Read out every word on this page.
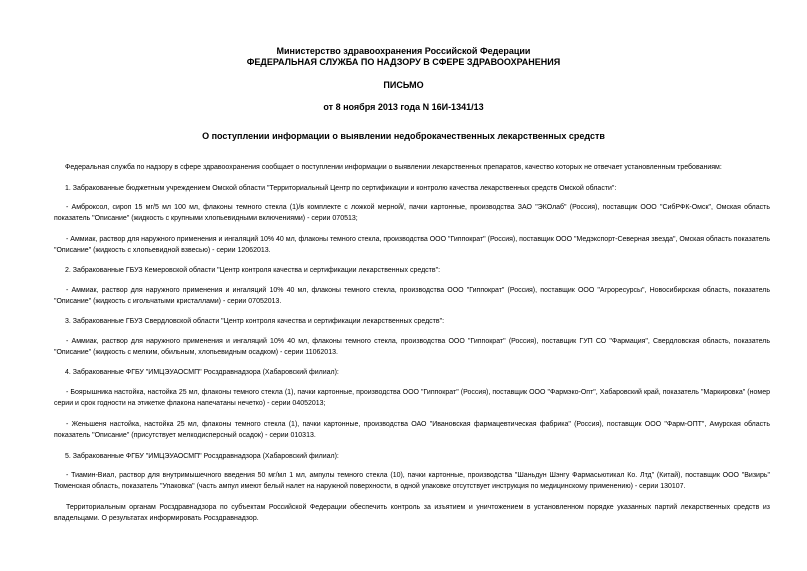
Министерство здравоохранения Российской Федерации
ФЕДЕРАЛЬНАЯ СЛУЖБА ПО НАДЗОРУ В СФЕРЕ ЗДРАВООХРАНЕНИЯ
ПИСЬМО
от 8 ноября 2013 года N 16И-1341/13
О поступлении информации о выявлении недоброкачественных лекарственных средств
Федеральная служба по надзору в сфере здравоохранения сообщает о поступлении информации о выявлении лекарственных препаратов, качество которых не отвечает установленным требованиям:
1. Забракованные бюджетным учреждением Омской области "Территориальный Центр по сертификации и контролю качества лекарственных средств Омской области":
- Амброксол, сироп 15 мг/5 мл 100 мл, флаконы темного стекла (1)/в комплекте с ложкой мерной/, пачки картонные, производства ЗАО "ЭКОлаб" (Россия), поставщик ООО "СибРФК-Омск", Омская область показатель "Описание" (жидкость с крупными хлопьевидными включениями) - серии 070513;
- Аммиак, раствор для наружного применения и ингаляций 10% 40 мл, флаконы темного стекла, производства ООО "Гиппократ" (Россия), поставщик ООО "Медэкспорт-Северная звезда", Омская область показатель "Описание" (жидкость с хлопьевидной взвесью) - серии 12062013.
2. Забракованные ГБУЗ Кемеровской области "Центр контроля качества и сертификации лекарственных средств":
- Аммиак, раствор для наружного применения и ингаляций 10% 40 мл, флаконы темного стекла, производства ООО "Гиппократ" (Россия), поставщик ООО "Агроресурсы", Новосибирская область, показатель "Описание" (жидкость с игольчатыми кристаллами) - серии 07052013.
3. Забракованные ГБУЗ Свердловской области "Центр контроля качества и сертификации лекарственных средств":
- Аммиак, раствор для наружного применения и ингаляций 10% 40 мл, флаконы темного стекла, производства ООО "Гиппократ" (Россия), поставщик ГУП СО "Фармация", Свердловская область, показатель "Описание" (жидкость с мелким, обильным, хлопьевидным осадком) - серии 11062013.
4. Забракованные ФГБУ "ИМЦЭУАОСМП" Росздравнадзора (Хабаровский филиал):
- Боярышника настойка, настойка 25 мл, флаконы темного стекла (1), пачки картонные, производства ООО "Гиппократ" (Россия), поставщик ООО "Фармэко-Опт", Хабаровский край, показатель "Маркировка" (номер серии и срок годности на этикетке флакона напечатаны нечетко) - серии 04052013;
- Женьшеня настойка, настойка 25 мл, флаконы темного стекла (1), пачки картонные, производства ОАО "Ивановская фармацевтическая фабрика" (Россия), поставщик ООО "Фарм-ОПТ", Амурская область показатель "Описание" (присутствует мелкодисперсный осадок) - серии 010313.
5. Забракованные ФГБУ "ИМЦЭУАОСМП" Росздравнадзора (Хабаровский филиал):
- Тиамин-Виал, раствор для внутримышечного введения 50 мг/мл 1 мл, ампулы темного стекла (10), пачки картонные, производства "Шаньдун Шэнгу Фармасьютикал Ко. Лтд" (Китай), поставщик ООО "Визирь" Тюменская область, показатель "Упаковка" (часть ампул имеют белый налет на наружной поверхности, в одной упаковке отсутствует инструкция по медицинскому применению) - серии 130107.
Территориальным органам Росздравнадзора по субъектам Российской Федерации обеспечить контроль за изъятием и уничтожением в установленном порядке указанных партий лекарственных средств из владельцами. О результатах информировать Росздравнадзор.
